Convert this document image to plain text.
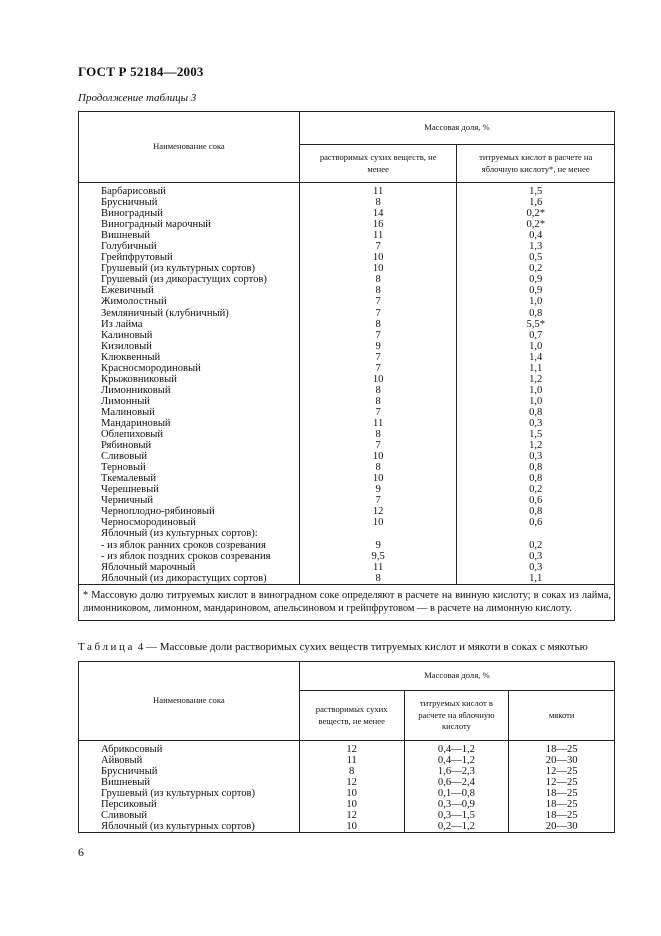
ГОСТ Р 52184—2003
Продолжение таблицы 3
Наименование сока	Массовая доля, %	
	растворимых сухих веществ, не менее	титруемых кислот в расчете на яблочную кислоту*, не менее
Барбарисовый	11	1,5
Брусничный	8	1,6
Виноградный	14	0,2*
Виноградный марочный	16	0,2*
Вишневый	11	0,4
Голубичный	7	1,3
Грейпфрутовый	10	0,5
Грушевый (из культурных сортов)	10	0,2
Грушевый (из дикорастущих сортов)	8	0,9
Ежевичный	8	0,9
Жимолостный	7	1,0
Земляничный (клубничный)	7	0,8
Из лайма	8	5,5*
Калиновый	7	0,7
Кизиловый	9	1,0
Клюквенный	7	1,4
Красносмородиновый	7	1,1
Крыжовниковый	10	1,2
Лимонниковый	8	1,0
Лимонный	8	1,0
Малиновый	7	0,8
Мандариновый	11	0,3
Облепиховый	8	1,5
Рябиновый	7	1,2
Сливовый	10	0,3
Терновый	8	0,8
Ткемалевый	10	0,8
Черешневый	9	0,2
Черничный	7	0,6
Черноплодно-рябиновый	12	0,8
Черносмородиновый	10	0,6
Яблочный (из культурных сортов):		
- из яблок ранних сроков созревания	9	0,2
- из яблок поздних сроков созревания	9,5	0,3
Яблочный марочный	11	0,3
Яблочный (из дикорастущих сортов)	8	1,1
* Массовую долю титруемых кислот в виноградном соке определяют в расчете на винную кислоту; в соках из лайма, лимонниковом, лимонном, мандариновом, апельсиновом и грейпфрутовом — в расчете на лимонную кислоту.		
Таблица 4 — Массовые доли растворимых сухих веществ титруемых кислот и мякоти в соках с мякотью
Наименование сока	Массовая доля, %		
	растворимых сухих веществ, не менее	титруемых кислот в расчете на яблочную кислоту	мякоти
Абрикосовый	12	0,4—1,2	18—25
Айвовый	11	0,4—1,2	20—30
Брусничный	8	1,6—2,3	12—25
Вишневый	12	0,6—2,4	12—25
Грушевый (из культурных сортов)	10	0,1—0,8	18—25
Персиковый	10	0,3—0,9	18—25
Сливовый	12	0,3—1,5	18—25
Яблочный (из культурных сортов)	10	0,2—1,2	20—30
6
